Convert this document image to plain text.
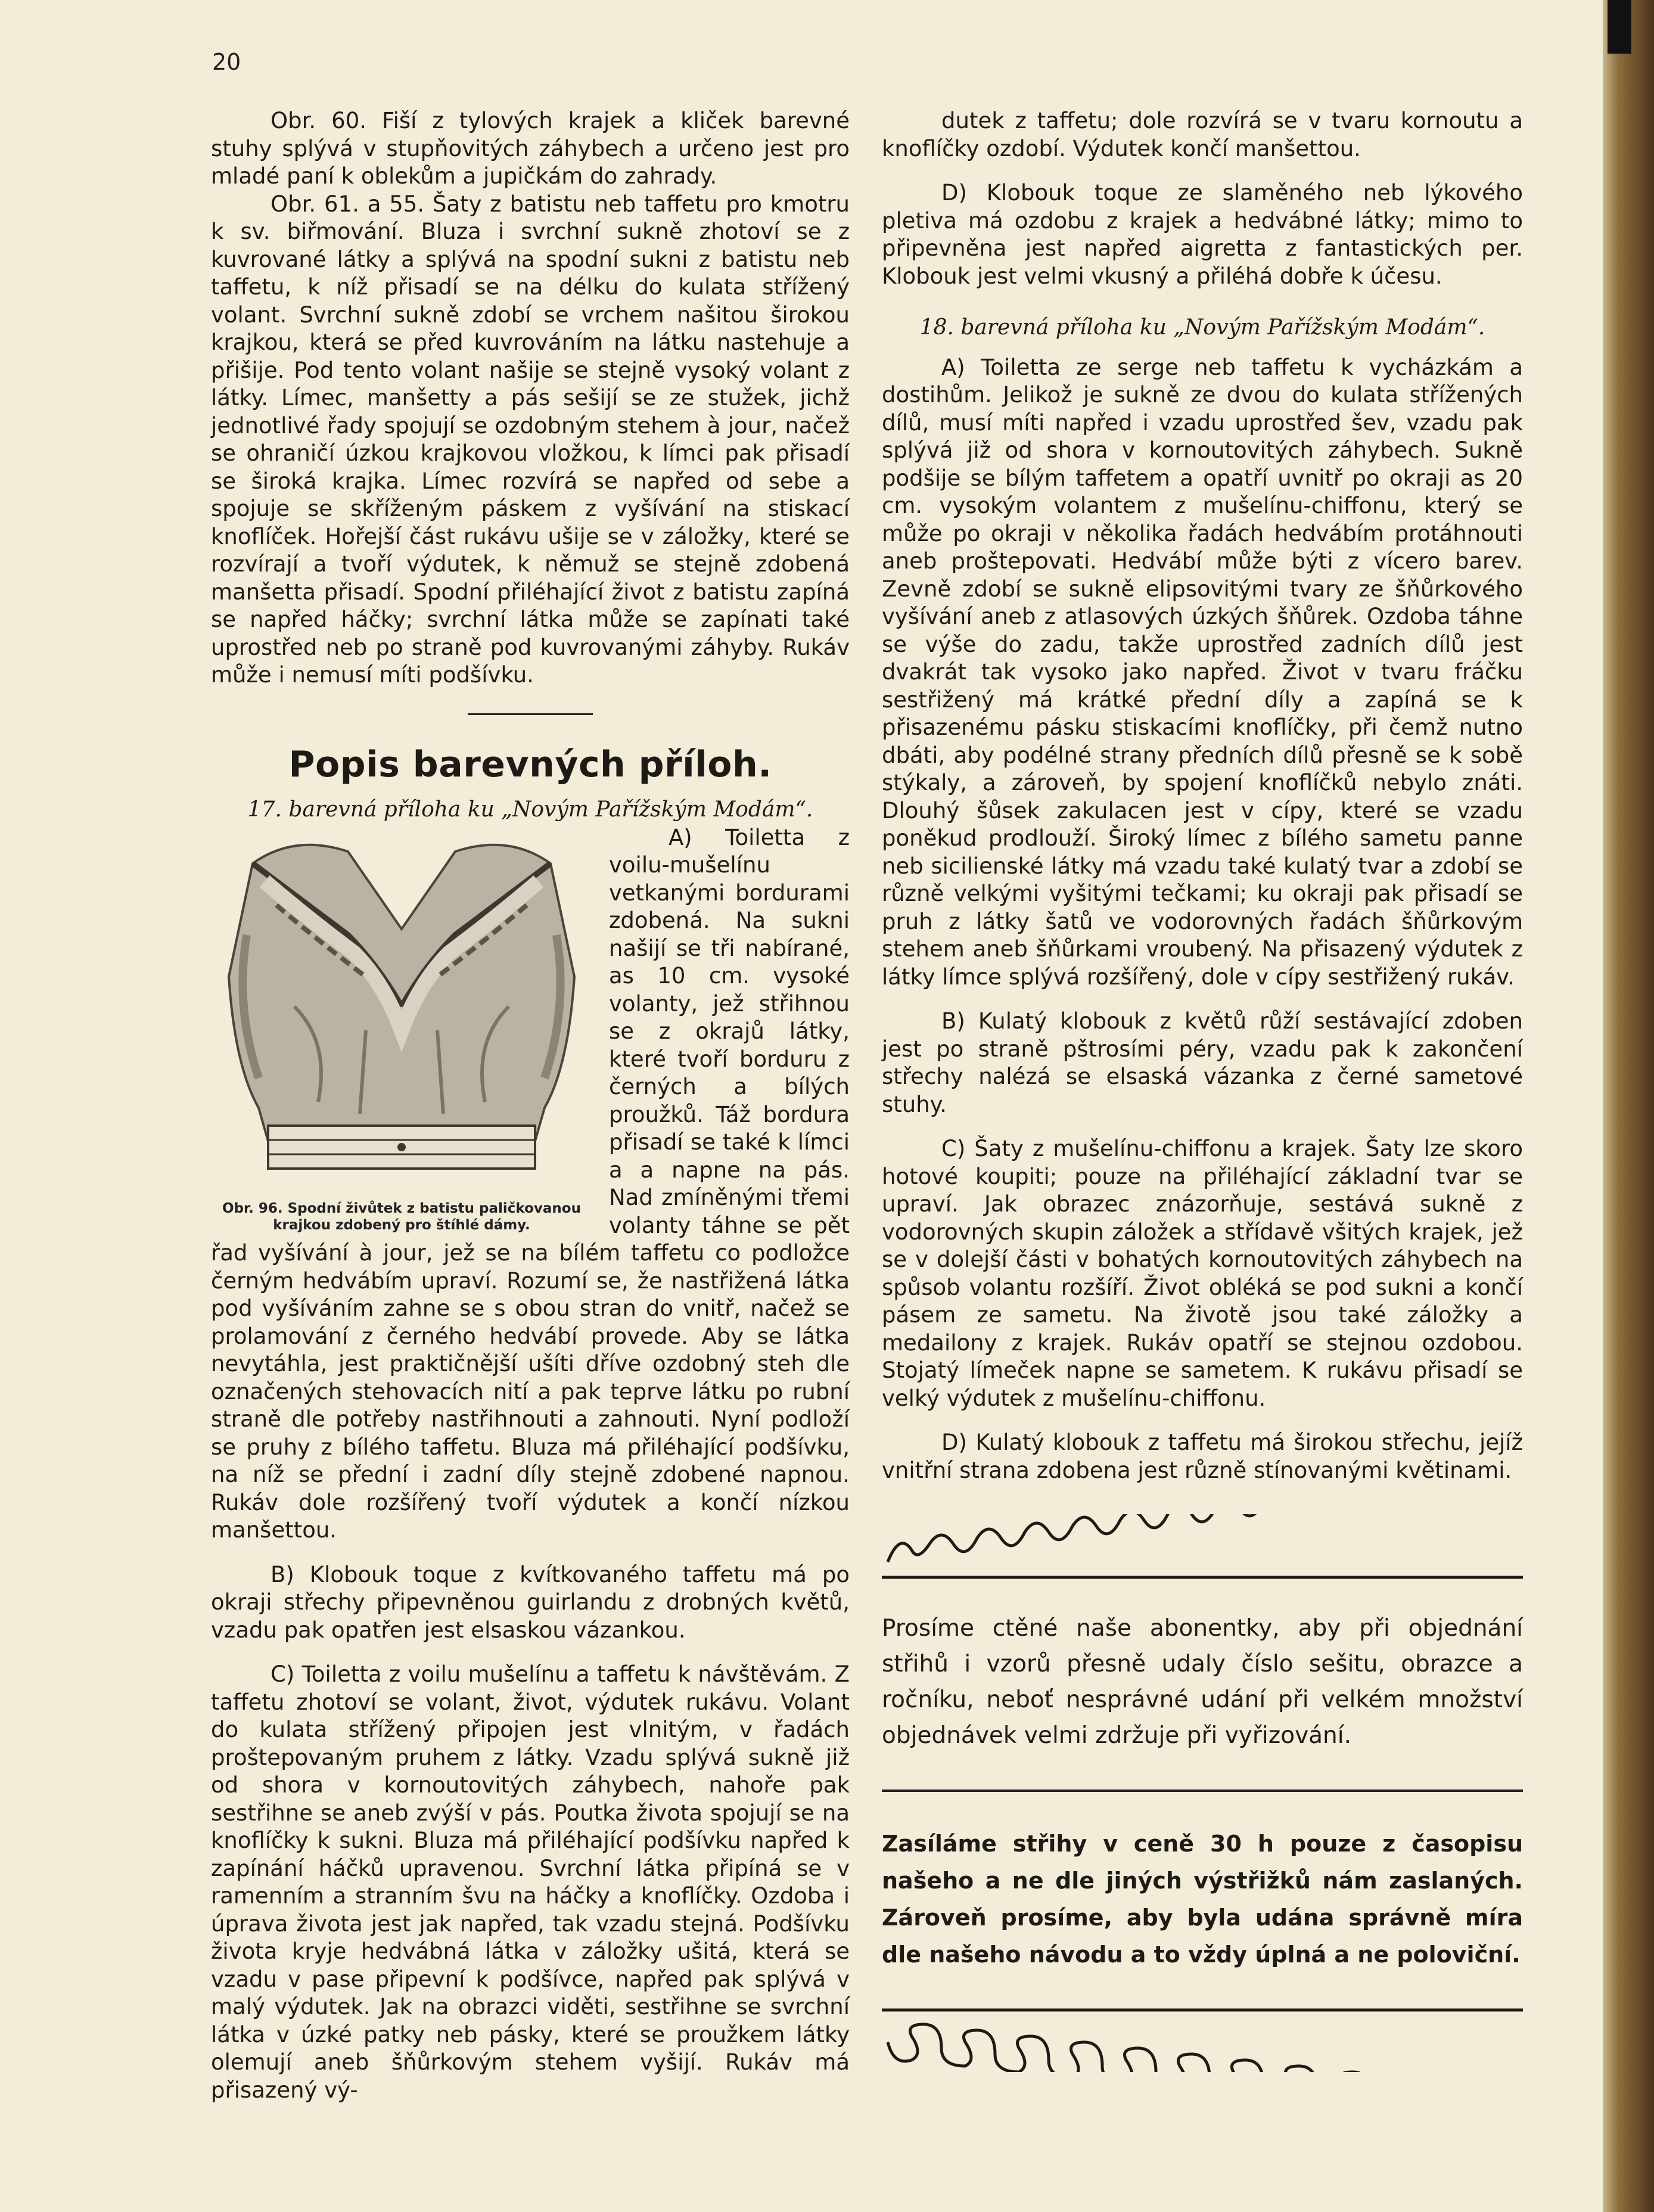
20

Obr. 60. Fiší z tylových krajek a kliček barevné stuhy splývá v stupňovitých záhybech a určeno jest pro mladé paní k oblekům a jupičkám do zahrady.

Obr. 61. a 55. Šaty z batistu neb taffetu pro kmotru k sv. biřmování. Bluza i svrchní sukně zhotoví se z kuvrované látky a splývá na spodní sukni z batistu neb taffetu, k níž přisadí se na délku do kulata střížený volant. Svrchní sukně zdobí se vrchem našitou širokou krajkou, která se před kuvrováním na látku nastehuje a přišije. Pod tento volant našije se stejně vysoký volant z látky. Límec, manšetty a pás sešijí se ze stužek, jichž jednotlivé řady spojují se ozdobným stehem à jour, načež se ohraničí úzkou krajkovou vložkou, k límci pak přisadí se široká krajka. Límec rozvírá se napřed od sebe a spojuje se skříženým páskem z vyšívání na stiskací knoflíček. Hořejší část rukávu ušije se v záložky, které se rozvírají a tvoří výdutek, k němuž se stejně zdobená manšetta přisadí. Spodní přiléhající život z batistu zapíná se napřed háčky; svrchní látka může se zapínati také uprostřed neb po straně pod kuvrovanými záhyby. Rukáv může i nemusí míti podšívku.

Popis barevných příloh.

17. barevná příloha ku „Novým Pařížským Modám“.

Obr. 96. Spodní živůtek z batistu paličkovanou krajkou zdobený pro štíhlé dámy.

A) Toiletta z voilu-mušelínu vetkanými bordurami zdobená. Na sukni našijí se tři nabírané, as 10 cm. vysoké volanty, jež střihnou se z okrajů látky, které tvoří borduru z černých a bílých proužků. Táž bordura přisadí se také k límci a a napne na pás. Nad zmíněnými třemi volanty táhne se pět řad vyšívání à jour, jež se na bílém taffetu co podložce černým hedvábím upraví. Rozumí se, že nastřižená látka pod vyšíváním zahne se s obou stran do vnitř, načež se prolamování z černého hedvábí provede. Aby se látka nevytáhla, jest praktičnější ušíti dříve ozdobný steh dle označených stehovacích nití a pak teprve látku po rubní straně dle potřeby nastřihnouti a zahnouti. Nyní podloží se pruhy z bílého taffetu. Bluza má přiléhající podšívku, na níž se přední i zadní díly stejně zdobené napnou. Rukáv dole rozšířený tvoří výdutek a končí nízkou manšettou.

B) Klobouk toque z kvítkovaného taffetu má po okraji střechy připevněnou guirlandu z drobných květů, vzadu pak opatřen jest elsaskou vázankou.

C) Toiletta z voilu mušelínu a taffetu k návštěvám. Z taffetu zhotoví se volant, život, výdutek rukávu. Volant do kulata střížený připojen jest vlnitým, v řadách proštepovaným pruhem z látky. Vzadu splývá sukně již od shora v kornoutovitých záhybech, nahoře pak sestřihne se aneb zvýší v pás. Poutka života spojují se na knoflíčky k sukni. Bluza má přiléhající podšívku napřed k zapínání háčků upravenou. Svrchní látka připíná se v ramenním a stranním švu na háčky a knoflíčky. Ozdoba i úprava života jest jak napřed, tak vzadu stejná. Podšívku života kryje hedvábná látka v záložky ušitá, která se vzadu v pase připevní k podšívce, napřed pak splývá v malý výdutek. Jak na obrazci viděti, sestřihne se svrchní látka v úzké patky neb pásky, které se proužkem látky olemují aneb šňůrkovým stehem vyšijí. Rukáv má přisazený vý-

dutek z taffetu; dole rozvírá se v tvaru kornoutu a knoflíčky ozdobí. Výdutek končí manšettou.

D) Klobouk toque ze slaměného neb lýkového pletiva má ozdobu z krajek a hedvábné látky; mimo to připevněna jest napřed aigretta z fantastických per. Klobouk jest velmi vkusný a přiléhá dobře k účesu.

18. barevná příloha ku „Novým Pařížským Modám“.

A) Toiletta ze serge neb taffetu k vycházkám a dostihům. Jelikož je sukně ze dvou do kulata střížených dílů, musí míti napřed i vzadu uprostřed šev, vzadu pak splývá již od shora v kornoutovitých záhybech. Sukně podšije se bílým taffetem a opatří uvnitř po okraji as 20 cm. vysokým volantem z mušelínu-chiffonu, který se může po okraji v několika řadách hedvábím protáhnouti aneb proštepovati. Hedvábí může býti z vícero barev. Zevně zdobí se sukně elipsovitými tvary ze šňůrkového vyšívání aneb z atlasových úzkých šňůrek. Ozdoba táhne se výše do zadu, takže uprostřed zadních dílů jest dvakrát tak vysoko jako napřed. Život v tvaru fráčku sestřižený má krátké přední díly a zapíná se k přisazenému pásku stiskacími knoflíčky, při čemž nutno dbáti, aby podélné strany předních dílů přesně se k sobě stýkaly, a zároveň, by spojení knoflíčků nebylo znáti. Dlouhý šůsek zakulacen jest v cípy, které se vzadu poněkud prodlouží. Široký límec z bílého sametu panne neb sicilienské látky má vzadu také kulatý tvar a zdobí se různě velkými vyšitými tečkami; ku okraji pak přisadí se pruh z látky šatů ve vodorovných řadách šňůrkovým stehem aneb šňůrkami vroubený. Na přisazený výdutek z látky límce splývá rozšířený, dole v cípy sestřižený rukáv.

B) Kulatý klobouk z květů růží sestávající zdoben jest po straně pštrosími péry, vzadu pak k zakončení střechy nalézá se elsaská vázanka z černé sametové stuhy.

C) Šaty z mušelínu-chiffonu a krajek. Šaty lze skoro hotové koupiti; pouze na přiléhající základní tvar se upraví. Jak obrazec znázorňuje, sestává sukně z vodorovných skupin záložek a střídavě všitých krajek, jež se v dolejší části v bohatých kornoutovitých záhybech na spůsob volantu rozšíří. Život obléká se pod sukni a končí pásem ze sametu. Na životě jsou také záložky a medailony z krajek. Rukáv opatří se stejnou ozdobou. Stojatý límeček napne se sametem. K rukávu přisadí se velký výdutek z mušelínu-chiffonu.

D) Kulatý klobouk z taffetu má širokou střechu, jejíž vnitřní strana zdobena jest různě stínovanými květinami.

Prosíme ctěné naše abonentky, aby při objednání střihů i vzorů přesně udaly číslo sešitu, obrazce a ročníku, neboť nesprávné udání při velkém množství objednávek velmi zdržuje při vyřizování.
Zasíláme střihy v ceně 30 h pouze z časopisu našeho a ne dle jiných výstřižků nám zaslaných. Zároveň prosíme, aby byla udána správně míra dle našeho návodu a to vždy úplná a ne poloviční.
